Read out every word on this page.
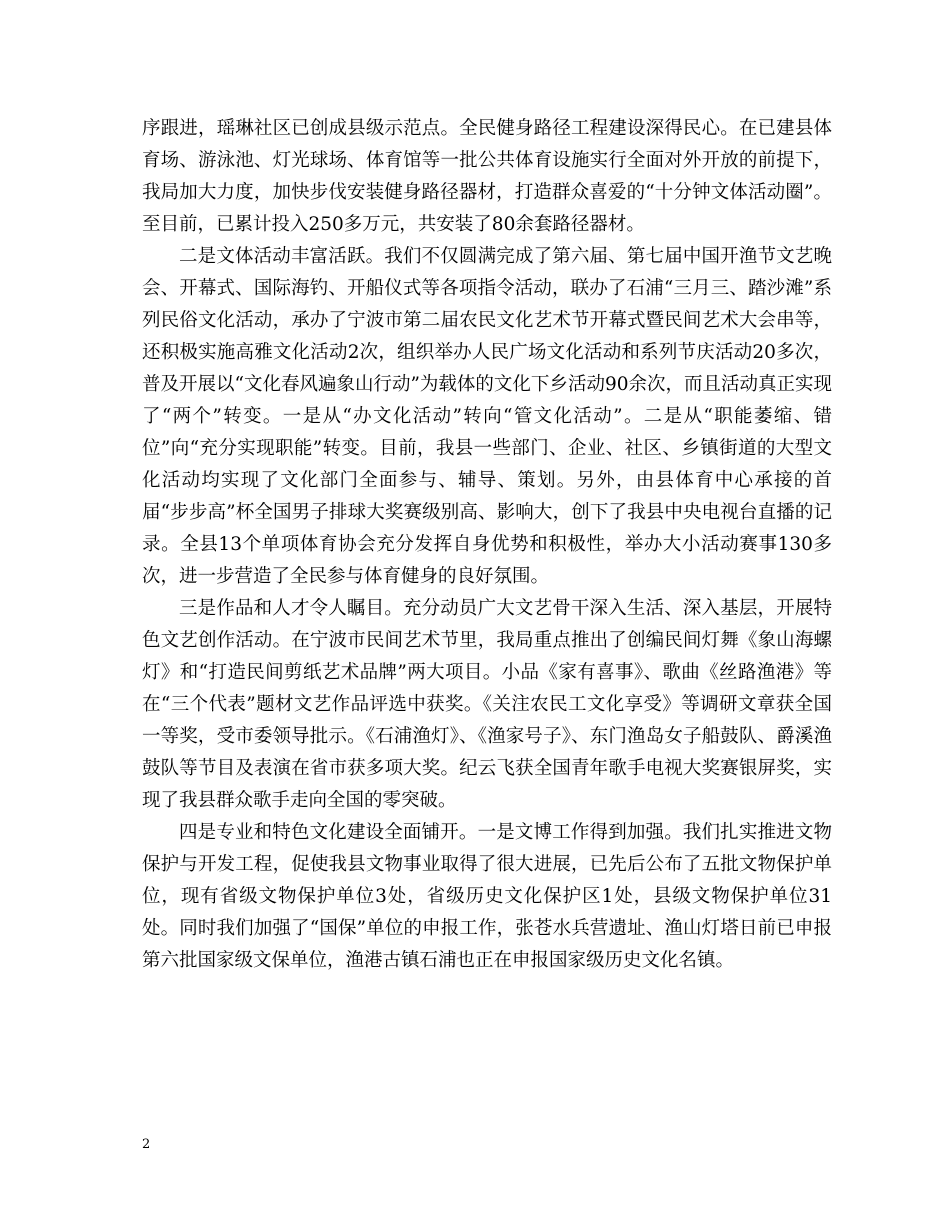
序跟进，瑶琳社区已创成县级示范点。全民健身路径工程建设深得民心。在已建县体育场、游泳池、灯光球场、体育馆等一批公共体育设施实行全面对外开放的前提下，我局加大力度，加快步伐安装健身路径器材，打造群众喜爱的“十分钟文体活动圈”。至目前，已累计投入250多万元，共安装了80余套路径器材。

二是文体活动丰富活跃。我们不仅圆满完成了第六届、第七届中国开渔节文艺晚会、开幕式、国际海钓、开船仪式等各项指令活动，联办了石浦“三月三、踏沙滩”系列民俗文化活动，承办了宁波市第二届农民文化艺术节开幕式暨民间艺术大会串等，还积极实施高雅文化活动2次，组织举办人民广场文化活动和系列节庆活动20多次，普及开展以“文化春风遍象山行动”为载体的文化下乡活动90余次，而且活动真正实现了“两个”转变。一是从“办文化活动”转向“管文化活动”。二是从“职能萎缩、错位”向“充分实现职能”转变。目前，我县一些部门、企业、社区、乡镇街道的大型文化活动均实现了文化部门全面参与、辅导、策划。另外，由县体育中心承接的首届“步步高”杯全国男子排球大奖赛级别高、影响大，创下了我县中央电视台直播的记录。全县13个单项体育协会充分发挥自身优势和积极性，举办大小活动赛事130多次，进一步营造了全民参与体育健身的良好氛围。

三是作品和人才令人瞩目。充分动员广大文艺骨干深入生活、深入基层，开展特色文艺创作活动。在宁波市民间艺术节里，我局重点推出了创编民间灯舞《象山海螺灯》和“打造民间剪纸艺术品牌”两大项目。小品《家有喜事》、歌曲《丝路渔港》等在“三个代表”题材文艺作品评选中获奖。《关注农民工文化享受》等调研文章获全国一等奖，受市委领导批示。《石浦渔灯》、《渔家号子》、东门渔岛女子船鼓队、爵溪渔鼓队等节目及表演在省市获多项大奖。纪云飞获全国青年歌手电视大奖赛银屏奖，实现了我县群众歌手走向全国的零突破。

四是专业和特色文化建设全面铺开。一是文博工作得到加强。我们扎实推进文物保护与开发工程，促使我县文物事业取得了很大进展，已先后公布了五批文物保护单位，现有省级文物保护单位3处，省级历史文化保护区1处，县级文物保护单位31处。同时我们加强了“国保”单位的申报工作，张苍水兵营遗址、渔山灯塔日前已申报第六批国家级文保单位，渔港古镇石浦也正在申报国家级历史文化名镇。

2
